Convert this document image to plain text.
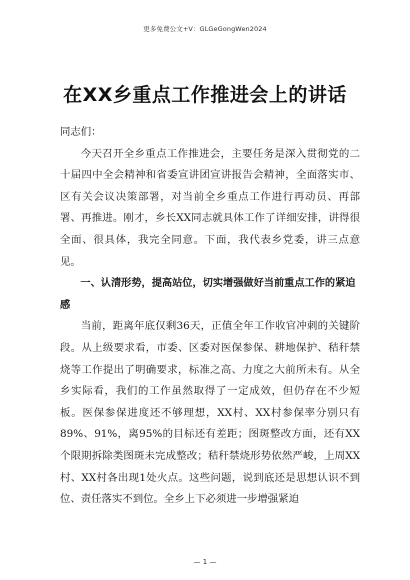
更多免费公文+V：GLGeGongWen2024
在XX乡重点工作推进会上的讲话

同志们：

今天召开全乡重点工作推进会，主要任务是深入贯彻党的二十届四中全会精神和省委宣讲团宣讲报告会精神，全面落实市、区有关会议决策部署，对当前全乡重点工作进行再动员、再部署、再推进。刚才，乡长XX同志就具体工作了详细安排，讲得很全面、很具体，我完全同意。下面，我代表乡党委，讲三点意见。

一、认清形势，提高站位，切实增强做好当前重点工作的紧迫感

当前，距离年底仅剩36天，正值全年工作收官冲刺的关键阶段。从上级要求看，市委、区委对医保参保、耕地保护、秸秆禁烧等工作提出了明确要求，标准之高、力度之大前所未有。从全乡实际看，我们的工作虽然取得了一定成效，但仍存在不少短板。医保参保进度还不够理想，XX村、XX村参保率分别只有89%、91%，离95%的目标还有差距；图斑整改方面，还有XX个限期拆除类图斑未完成整改；秸秆禁烧形势依然严峻，上周XX村、XX村各出现1处火点。这些问题，说到底还是思想认识不到位、责任落实不到位。全乡上下必须进一步增强紧迫

— 1 —
